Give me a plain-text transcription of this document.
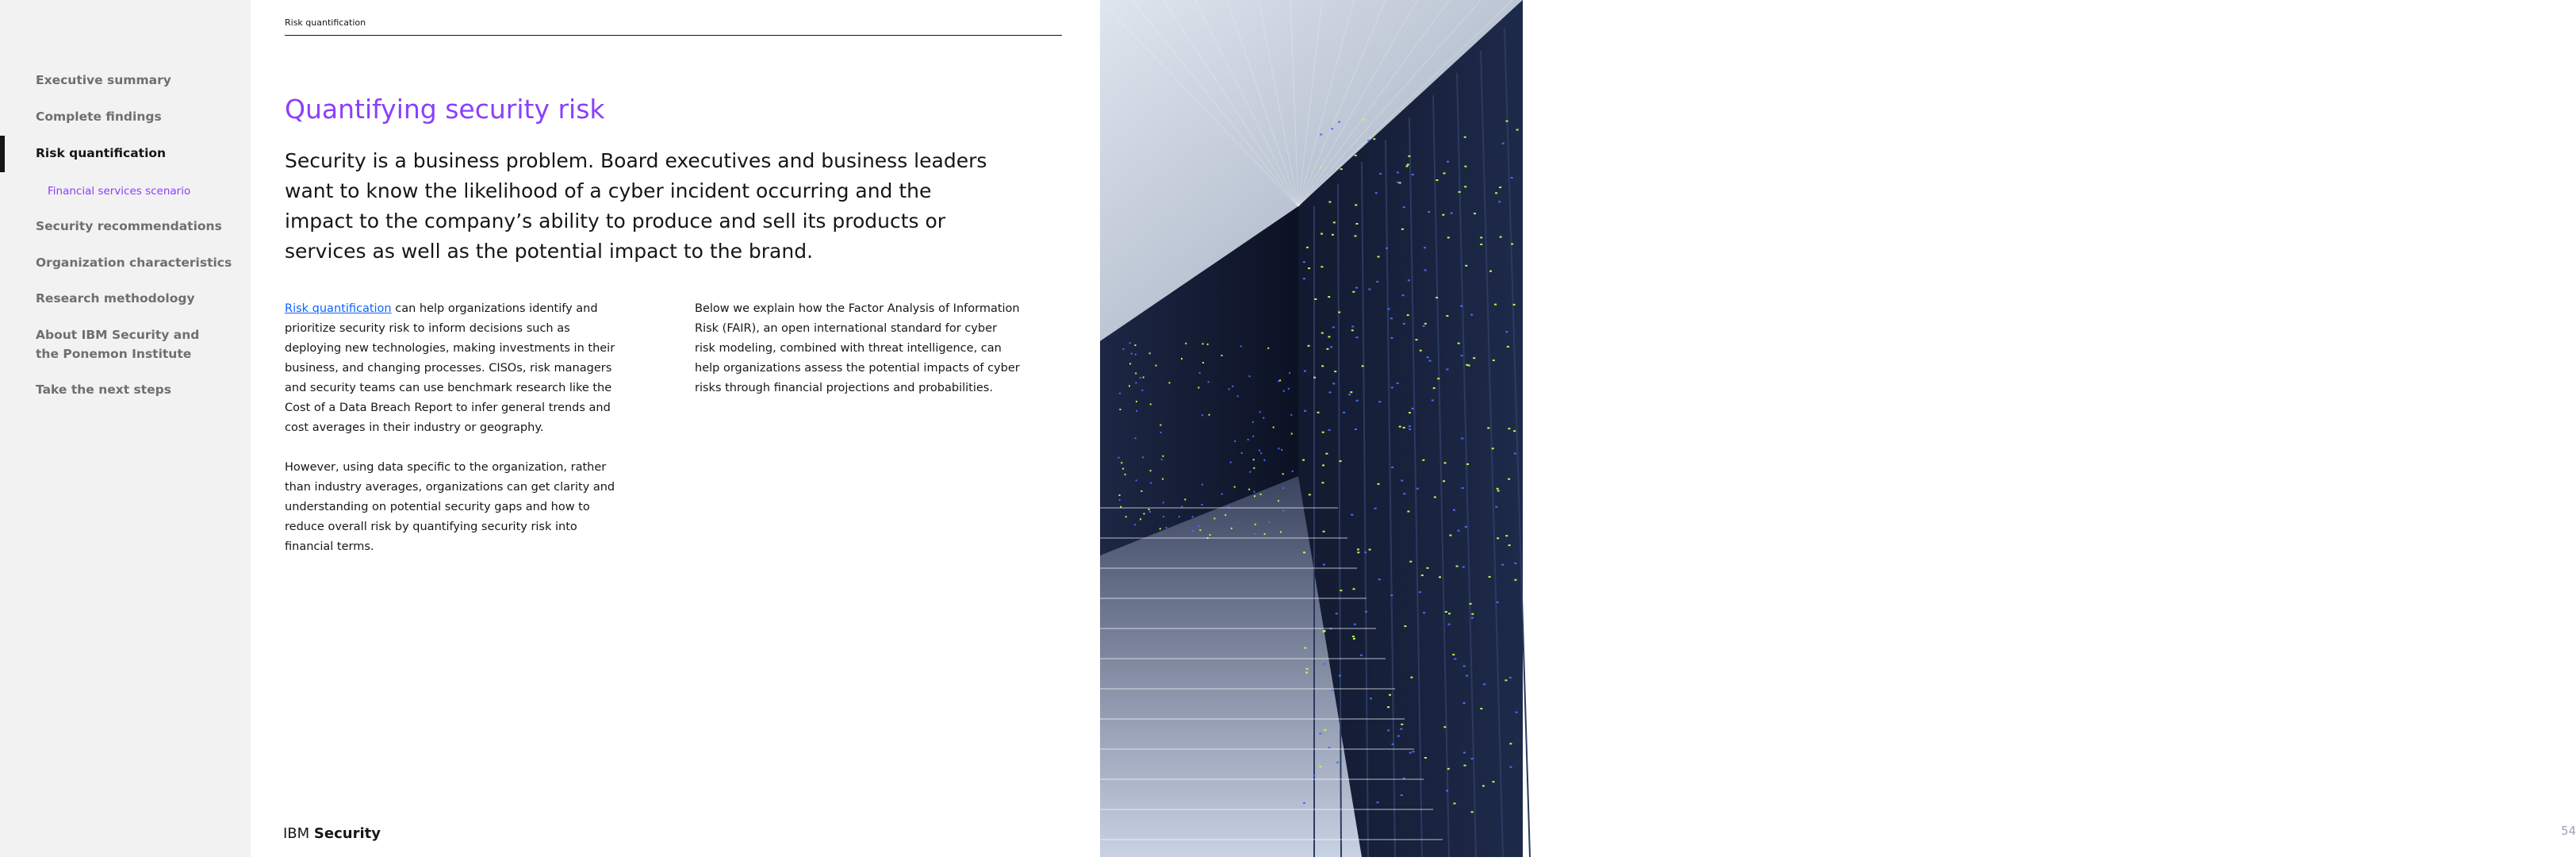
Executive summary
Complete findings
Risk quantification
Financial services scenario
Security recommendations
Organization characteristics
Research methodology
About IBM Security and the Ponemon Institute
Take the next steps
Risk quantification
Quantifying security risk

Security is a business problem. Board executives and business leaders want to know the likelihood of a cyber incident occurring and the impact to the company’s ability to produce and sell its products or services as well as the potential impact to the brand.

Risk quantification can help organizations identify and prioritize security risk to inform decisions such as deploying new technologies, making investments in their business, and changing processes. CISOs, risk managers and security teams can use benchmark research like the Cost of a Data Breach Report to infer general trends and cost averages in their industry or geography.

However, using data specific to the organization, rather than industry averages, organizations can get clarity and understanding on potential security gaps and how to reduce overall risk by quantifying security risk into financial terms.

Below we explain how the Factor Analysis of Information Risk (FAIR), an open international standard for cyber risk modeling, combined with threat intelligence, can help organizations assess the potential impacts of cyber risks through financial projections and probabilities.

IBM Security	54
